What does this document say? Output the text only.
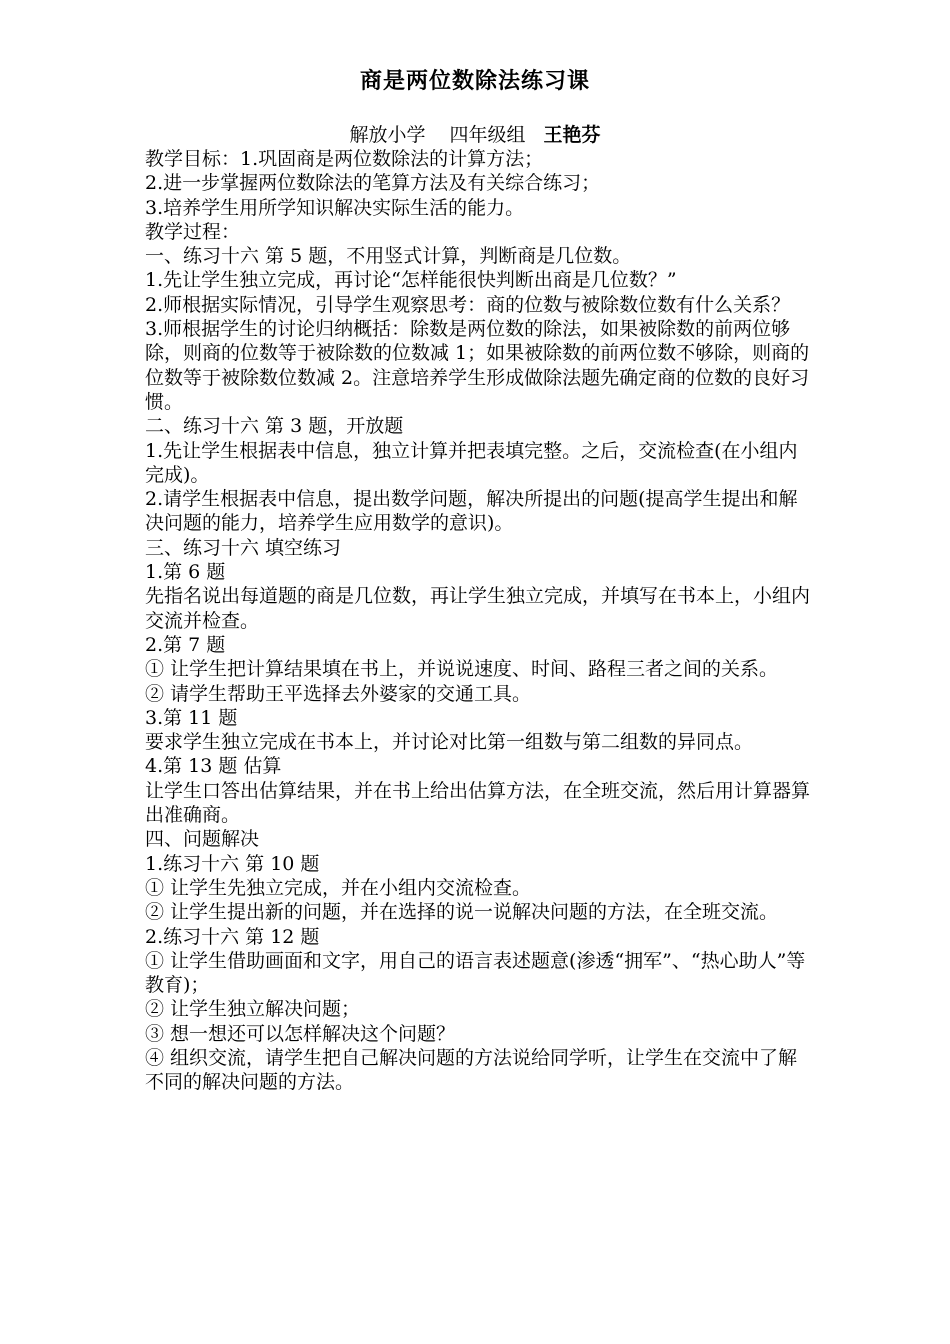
商是两位数除法练习课
解放小学 四年级组 王艳芬

教学目标：1.巩固商是两位数除法的计算方法；

2.进一步掌握两位数除法的笔算方法及有关综合练习；

3.培养学生用所学知识解决实际生活的能力。

教学过程：

一、练习十六 第 5 题，不用竖式计算，判断商是几位数。

1.先让学生独立完成，再讨论“怎样能很快判断出商是几位数？”

2.师根据实际情况，引导学生观察思考：商的位数与被除数位数有什么关系？

3.师根据学生的讨论归纳概括：除数是两位数的除法，如果被除数的前两位够除，则商的位数等于被除数的位数减 1；如果被除数的前两位数不够除，则商的位数等于被除数位数减 2。注意培养学生形成做除法题先确定商的位数的良好习惯。

二、练习十六 第 3 题，开放题

1.先让学生根据表中信息，独立计算并把表填完整。之后，交流检查(在小组内完成)。

2.请学生根据表中信息，提出数学问题，解决所提出的问题(提高学生提出和解决问题的能力，培养学生应用数学的意识)。

三、练习十六 填空练习

1.第 6 题

先指名说出每道题的商是几位数，再让学生独立完成，并填写在书本上，小组内交流并检查。

2.第 7 题

① 让学生把计算结果填在书上，并说说速度、时间、路程三者之间的关系。

② 请学生帮助王平选择去外婆家的交通工具。

3.第 11 题

要求学生独立完成在书本上，并讨论对比第一组数与第二组数的异同点。

4.第 13 题 估算

让学生口答出估算结果，并在书上给出估算方法，在全班交流，然后用计算器算出准确商。

四、问题解决

1.练习十六 第 10 题

① 让学生先独立完成，并在小组内交流检查。

② 让学生提出新的问题，并在选择的说一说解决问题的方法，在全班交流。

2.练习十六 第 12 题

① 让学生借助画面和文字，用自己的语言表述题意(渗透“拥军”、“热心助人”等教育)；

② 让学生独立解决问题；

③ 想一想还可以怎样解决这个问题？

④ 组织交流，请学生把自己解决问题的方法说给同学听，让学生在交流中了解不同的解决问题的方法。
